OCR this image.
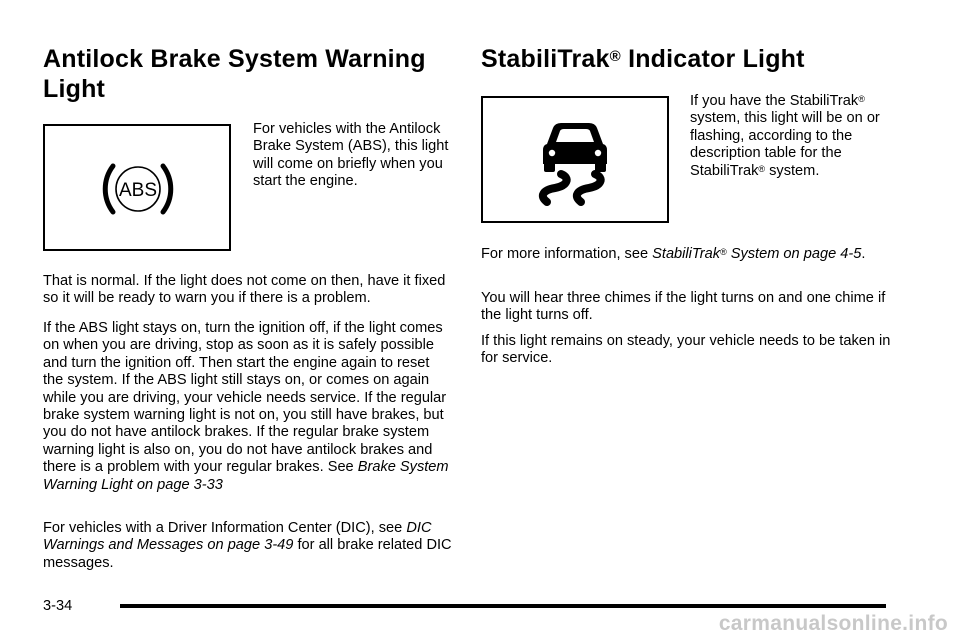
Antilock Brake System Warning Light
ABS

For vehicles with the Antilock Brake System (ABS), this light will come on briefly when you start the engine.

That is normal. If the light does not come on then, have it fixed so it will be ready to warn you if there is a problem.

If the ABS light stays on, turn the ignition off, if the light comes on when you are driving, stop as soon as it is safely possible and turn the ignition off. Then start the engine again to reset the system. If the ABS light still stays on, or comes on again while you are driving, your vehicle needs service. If the regular brake system warning light is not on, you still have brakes, but you do not have antilock brakes. If the regular brake system warning light is also on, you do not have antilock brakes and there is a problem with your regular brakes. See Brake System Warning Light on page 3-33

For vehicles with a Driver Information Center (DIC), see DIC Warnings and Messages on page 3-49 for all brake related DIC messages.

StabiliTrak® Indicator Light

If you have the StabiliTrak® system, this light will be on or flashing, according to the description table for the StabiliTrak® system.

For more information, see StabiliTrak® System on page 4-5.

You will hear three chimes if the light turns on and one chime if the light turns off.

If this light remains on steady, your vehicle needs to be taken in for service.

3-34
carmanualsonline.info
